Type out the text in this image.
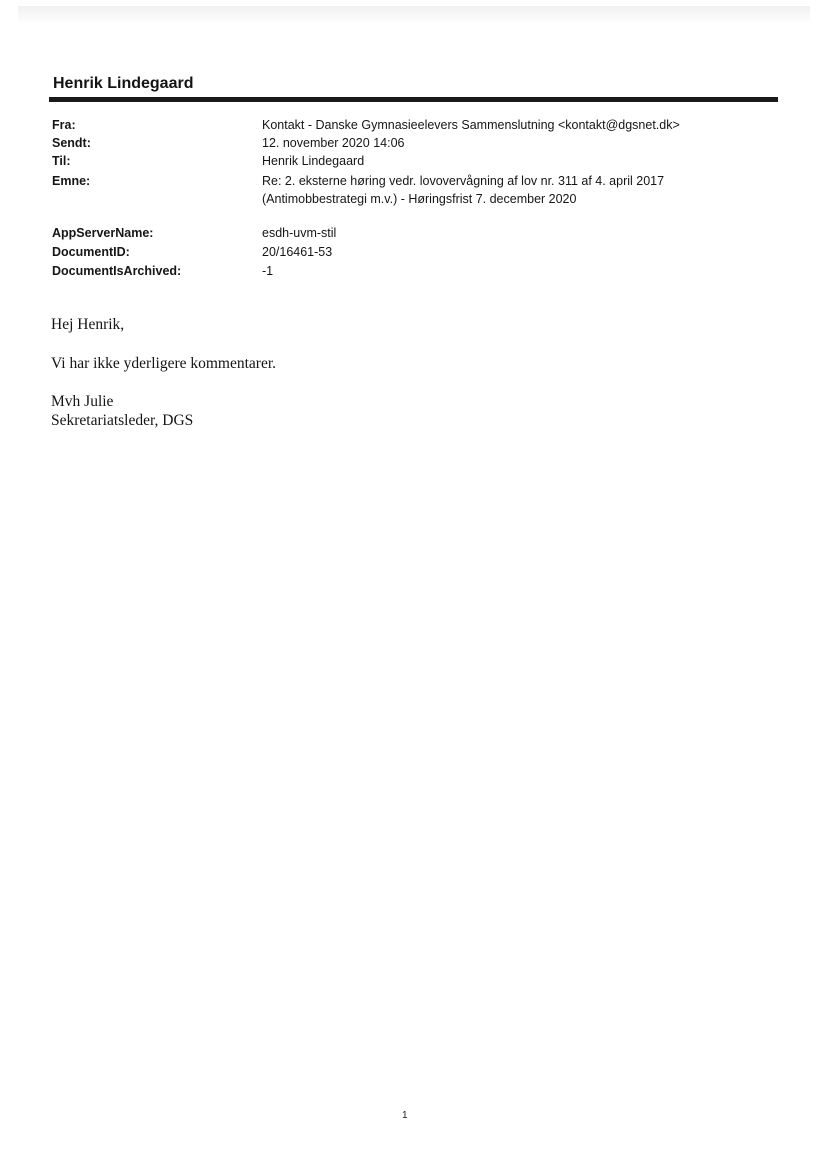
Henrik Lindegaard
Fra:	Kontakt - Danske Gymnasieelevers Sammenslutning <kontakt@dgsnet.dk>
Sendt:	12. november 2020 14:06
Til:	Henrik Lindegaard
Emne:	Re: 2. eksterne høring vedr. lovovervågning af lov nr. 311 af 4. april 2017
(Antimobbestrategi m.v.) - Høringsfrist 7. december 2020
AppServerName:	esdh-uvm-stil
DocumentID:	20/16461-53
DocumentIsArchived:	-1
Hej Henrik,
Vi har ikke yderligere kommentarer.
Mvh Julie
Sekretariatsleder, DGS
1
